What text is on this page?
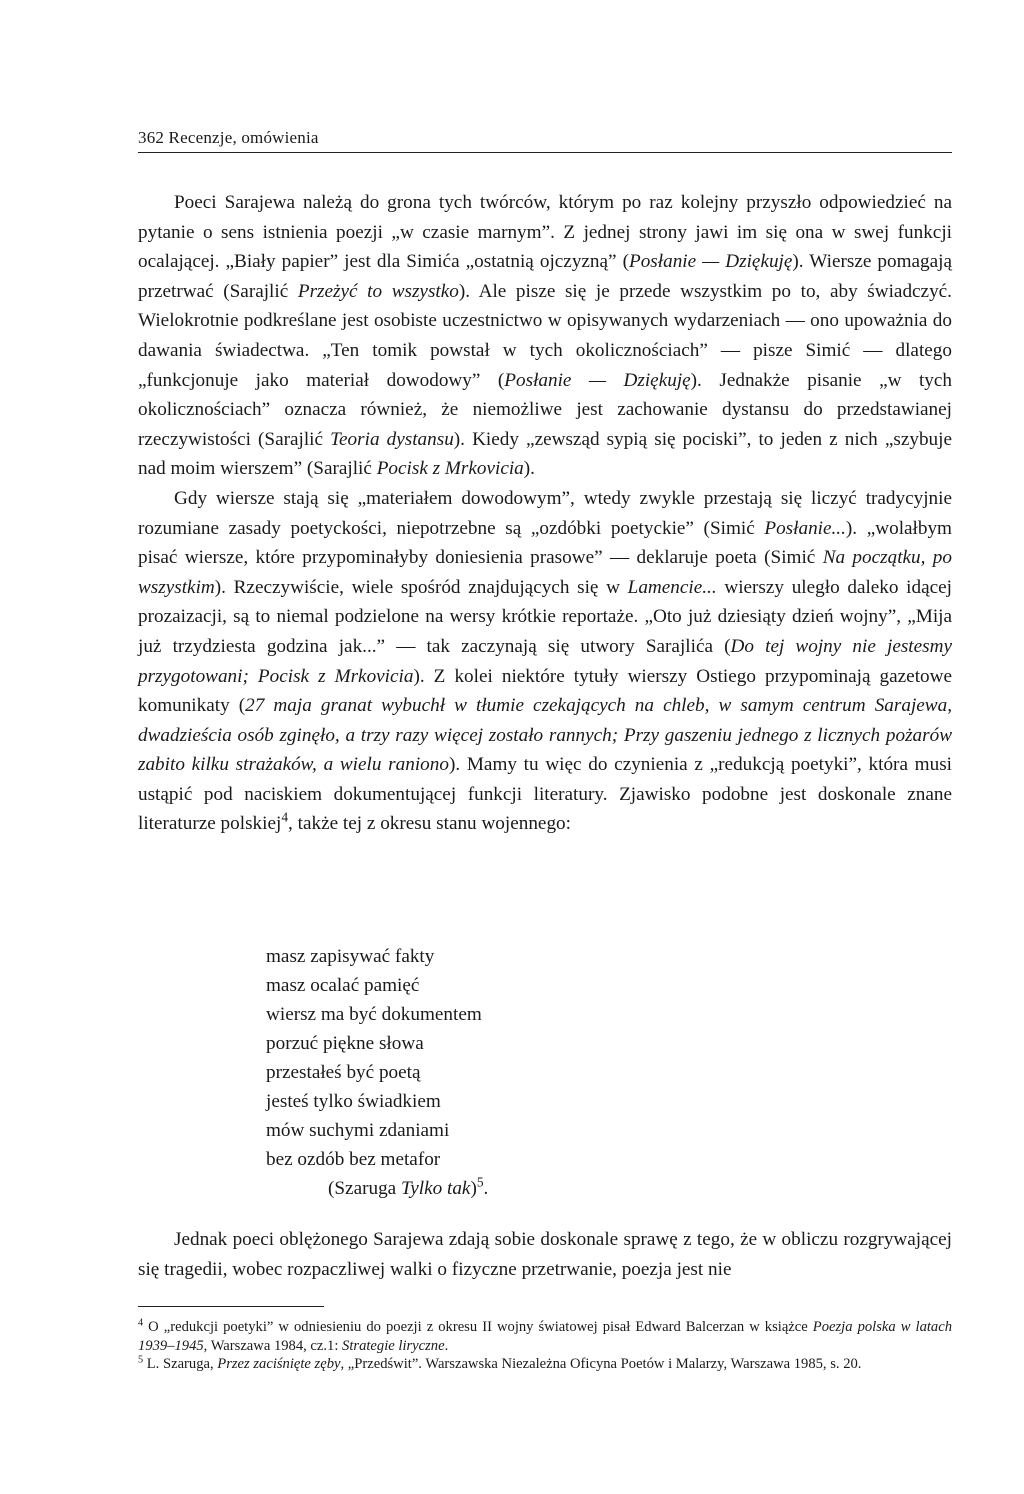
362 Recenzje, omówienia

Poeci Sarajewa należą do grona tych twórców, którym po raz kolejny przyszło odpowiedzieć na pytanie o sens istnienia poezji „w czasie marnym”. Z jednej strony jawi im się ona w swej funkcji ocalającej. „Biały papier” jest dla Simića „ostatnią ojczyzną” (Posłanie — Dziękuję). Wiersze pomagają przetrwać (Sarajlić Przeżyć to wszystko). Ale pisze się je przede wszystkim po to, aby świadczyć. Wielokrotnie podkreślane jest osobiste uczestnictwo w opisywanych wydarzeniach — ono upoważnia do dawania świadectwa. „Ten tomik powstał w tych okolicznościach” — pisze Simić — dlatego „funkcjonuje jako materiał dowodowy” (Posłanie — Dziękuję). Jednakże pisanie „w tych okolicznościach” oznacza również, że niemożliwe jest zachowanie dystansu do przedstawianej rzeczywistości (Sarajlić Teoria dystansu). Kiedy „zewsząd sypią się pociski”, to jeden z nich „szybuje nad moim wierszem” (Sarajlić Pocisk z Mrkovicia).

Gdy wiersze stają się „materiałem dowodowym”, wtedy zwykle przestają się liczyć tradycyjnie rozumiane zasady poetyckości, niepotrzebne są „ozdóbki poetyckie” (Simić Posłanie...). „wolałbym pisać wiersze, które przypominałyby doniesienia prasowe” — deklaruje poeta (Simić Na początku, po wszystkim). Rzeczywiście, wiele spośród znajdujących się w Lamencie... wierszy uległo daleko idącej prozaizacji, są to niemal podzielone na wersy krótkie reportaże. „Oto już dziesiąty dzień wojny”, „Mija już trzydziesta godzina jak...” — tak zaczynają się utwory Sarajlića (Do tej wojny nie jestesmy przygotowani; Pocisk z Mrkovicia). Z kolei niektóre tytuły wierszy Ostiego przypominają gazetowe komunikaty (27 maja granat wybuchł w tłumie czekających na chleb, w samym centrum Sarajewa, dwadzieścia osób zginęło, a trzy razy więcej zostało rannych; Przy gaszeniu jednego z licznych pożarów zabito kilku strażaków, a wielu raniono). Mamy tu więc do czynienia z „redukcją poetyki”, która musi ustąpić pod naciskiem dokumentującej funkcji literatury. Zjawisko podobne jest doskonale znane literaturze polskiej$^4$, także tej z okresu stanu wojennego:

masz zapisywać fakty
masz ocalać pamięć
wiersz ma być dokumentem
porzuć piękne słowa
przestałeś być poetą
jesteś tylko świadkiem
mów suchymi zdaniami
bez ozdób bez metafor
(Szaruga Tylko tak)$^5$.

Jednak poeci oblężonego Sarajewa zdają sobie doskonale sprawę z tego, że w obliczu rozgrywającej się tragedii, wobec rozpaczliwej walki o fizyczne przetrwanie, poezja jest nie

$^4$ O „redukcji poetyki” w odniesieniu do poezji z okresu II wojny światowej pisał Edward Balcerzan w książce Poezja polska w latach 1939–1945, Warszawa 1984, cz.1: Strategie liryczne.

$^5$ L. Szaruga, Przez zaciśnięte zęby, „Przedświt”. Warszawska Niezależna Oficyna Poetów i Malarzy, Warszawa 1985, s. 20.
